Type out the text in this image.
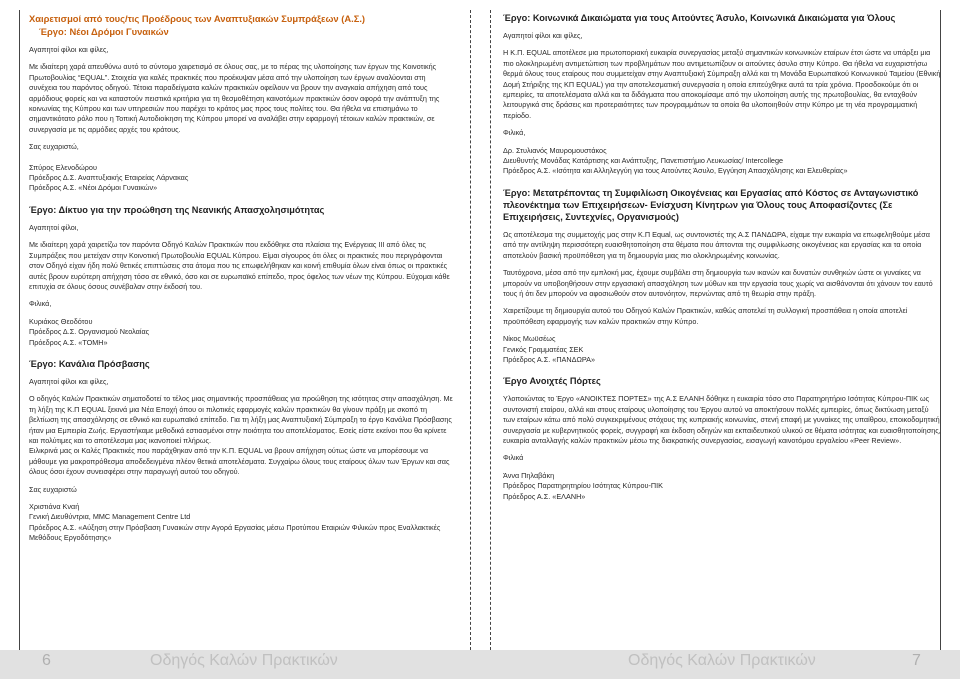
Χαιρετισμοί από τους/τις Προέδρους των Αναπτυξιακών Συμπράξεων (Α.Σ.)
Έργο: Νέοι Δρόμοι Γυναικών
Αγαπητοί φίλοι και φίλες,
Με ιδιαίτερη χαρά απευθύνω αυτό το σύντομο χαιρετισμό σε όλους σας, με το πέρας της υλοποίησης των έργων της Κοινοτικής Πρωτοβουλίας “EQUAL”. Στοιχεία για καλές πρακτικές που προέκυψαν μέσα από την υλοποίηση των έργων αναλύονται στη συνέχεια του παρόντος οδηγού. Τέτοια παραδείγματα καλών πρακτικών οφείλουν να βρουν την αναγκαία απήχηση από τους αρμόδιους φορείς και να καταστούν πειστικά κριτήρια για τη θεσμοθέτηση καινοτόμων πρακτικών όσον αφορά την ανάπτυξη της κοινωνίας της Κύπρου και των υπηρεσιών που παρέχει το κράτος μας προς τους πολίτες του. Θα ήθελα να επισημάνω το σημαντικότατο ρόλο που η Τοπική Αυτοδιοίκηση της Κύπρου μπορεί να αναλάβει στην εφαρμογή τέτοιων καλών πρακτικών, σε συνεργασία με τις αρμόδιες αρχές του κράτους.
Σας ευχαριστώ,
Σπύρος Ελενοδώρου
Πρόεδρος Δ.Σ. Αναπτυξιακής Εταιρείας Λάρνακας
Πρόεδρος Α.Σ. «Νέοι Δρόμοι Γυναικών»
Έργο: Δίκτυο για την προώθηση της Νεανικής Απασχολησιμότητας
Αγαπητοί φίλοι,
Με ιδιαίτερη χαρά χαιρετίζω τον παρόντα Οδηγό Καλών Πρακτικών που εκδόθηκε στα πλαίσια της Ενέργειας ΙΙΙ από όλες τις Συμπράξεις που μετείχαν στην Κοινοτική Πρωτοβουλία EQUAL Κύπρου. Είμαι σίγουρος ότι όλες οι πρακτικές που περιγράφονται στον Οδηγό είχαν ήδη πολύ θετικές επιπτώσεις στα άτομα που τις επωφελήθηκαν και κοινή επιθυμία όλων είναι όπως οι πρακτικές αυτές βρουν ευρύτερη απήχηση τόσο σε εθνικό, όσο και σε ευρωπαϊκό επίπεδο, προς όφελος των νέων της Κύπρου. Εύχομαι κάθε επιτυχία σε όλους όσους συνέβαλαν στην έκδοσή του.
Φιλικά,
Κυριάκος Θεοδότου
Πρόεδρος Δ.Σ. Οργανισμού Νεολαίας
Πρόεδρος Α.Σ. «ΤΟΜΗ»
Έργο: Κανάλια Πρόσβασης
Αγαπητοί φίλοι και φίλες,
Ο οδηγός Καλών Πρακτικών σηματοδοτεί το τέλος μιας σημαντικής προσπάθειας για προώθηση της ισότητας στην απασχόληση. Με τη λήξη της Κ.Π EQUAL ξεκινά μια Νέα Εποχή όπου οι πιλοτικές εφαρμογές καλών πρακτικών θα γίνουν πράξη με σκοπό τη βελτίωση της απασχόλησης σε εθνικό και ευρωπαϊκό επίπεδο. Για τη λήξη μας Αναπτυξιακή Σύμπραξη το έργο Κανάλια Πρόσβασης ήταν μια Εμπειρία Ζωής. Εργαστήκαμε μεθοδικά εστιασμένοι στην ποιότητα του αποτελέσματος. Εσείς είστε εκείνοι που θα κρίνετε και πολύτιμες και το αποτέλεσμα μας ικανοποιεί πλήρως.
Ειλικρινά μας οι Καλές Πρακτικές που παράχθηκαν από την Κ.Π. EQUAL να βρουν απήχηση ούτως ώστε να μπορέσουμε να μάθουμε για μακροπρόθεσμα αποδεδειγμένα πλέον θετικά αποτελέσματα. Συγχαίρω όλους τους εταίρους όλων των Έργων και σας όλους όσοι έχουν συνεισφέρει στην παραγωγή αυτού του οδηγού.
Σας ευχαριστώ
Χριστιάνα Κναή
Γενική Διευθύντρια, MMC Management Centre Ltd
Πρόεδρος Α.Σ. «Αύξηση στην Πρόσβαση Γυναικών στην Αγορά Εργασίας μέσω Προτύπου Εταιριών Φιλικών προς Εναλλακτικές Μεθόδους Εργοδότησης»
Έργο: Κοινωνικά Δικαιώματα για τους Αιτούντες Άσυλο, Κοινωνικά Δικαιώματα για Όλους
Αγαπητοί φίλοι και φίλες,
Η Κ.Π. EQUAL αποτέλεσε μια πρωτοποριακή ευκαιρία συνεργασίας μεταξύ σημαντικών κοινωνικών εταίρων έτσι ώστε να υπάρξει μια πιο ολοκληρωμένη αντιμετώπιση των προβλημάτων που αντιμετωπίζουν οι αιτούντες άσυλο στην Κύπρο. Θα ήθελα να ευχαριστήσω θερμά όλους τους εταίρους που συμμετείχαν στην Αναπτυξιακή Σύμπραξη αλλά και τη Μονάδα Ευρωπαϊκού Κοινωνικού Ταμείου (Εθνική Δομή Στήριξης της ΚΠ EQUAL) για την αποτελεσματική συνεργασία η οποία επιτεύχθηκε αυτά τα τρία χρόνια. Προσδοκούμε ότι οι εμπειρίες, τα αποτελέσματα αλλά και τα διδάγματα που αποκομίσαμε από την υλοποίηση αυτής της πρωτοβουλίας, θα ενταχθούν λειτουργικά στις δράσεις και προτεραιότητες των προγραμμάτων τα οποία θα υλοποιηθούν στην Κύπρο με τη νέα προγραμματική περίοδο.
Φιλικά,
Δρ. Στυλιανός Μαυρομουστάκος
Διευθυντής Μονάδας Κατάρτισης και Ανάπτυξης, Πανεπιστήμιο Λευκωσίας/ Intercollege
Πρόεδρος Α.Σ. «Ισότητα και Αλληλεγγύη για τους Αιτούντες Άσυλο, Εγγύηση Απασχόλησης και Ελευθερίας»
Έργο: Μετατρέποντας τη Συμφιλίωση Οικογένειας και Εργασίας από Κόστος σε Ανταγωνιστικό πλεονέκτημα των Επιχειρήσεων- Ενίσχυση Κίνητρων για Όλους τους Αποφασίζοντες (Σε Επιχειρήσεις, Συντεχνίες, Οργανισμούς)
Ως αποτέλεσμα της συμμετοχής μας στην Κ.Π Equal, ως συντονιστές της Α.Σ ΠΑΝΔΩΡΑ, είχαμε την ευκαιρία να επωφεληθούμε μέσα από την αντίληψη περισσότερη ευαισθητοποίηση στα θέματα που άπτονται της συμφιλίωσης οικογένειας και εργασίας και τα οποία αποτελούν βασική προϋπόθεση για τη δημιουργία μιας πιο ολοκληρωμένης κοινωνίας.
Ταυτόχρονα, μέσα από την εμπλοκή μας, έχουμε συμβάλει στη δημιουργία των ικανών και δυνατών συνθηκών ώστε οι γυναίκες να μπορούν να υποβοηθήσουν στην εργασιακή απασχόληση των μύθων και την εργασία τους χωρίς να αισθάνονται ότι χάνουν τον εαυτό τους ή ότι δεν μπορούν να αφοσιωθούν στον αυτονόητον, περνώντας από τη θεωρία στην πράξη.
Χαιρετίζουμε τη δημιουργία αυτού του Οδηγού Καλών Πρακτικών, καθώς αποτελεί τη συλλογική προσπάθεια η οποία αποτελεί προϋπόθεση εφαρμογής των καλών πρακτικών στην Κύπρο.
Νίκος Μωϋσέως
Γενικός Γραμματέας ΣΕΚ
Πρόεδρος Α.Σ. «ΠΑΝΔΩΡΑ»
Έργο Ανοιχτές Πόρτες
Υλοποιώντας το Έργο «ΑΝΟΙΚΤΕΣ ΠΟΡΤΕΣ» της Α.Σ ΕΛΑΝΗ δόθηκε η ευκαιρία τόσο στο Παρατηρητήριο Ισότητας Κύπρου-ΠΙΚ ως συντονιστή εταίρου, αλλά και στους εταίρους υλοποίησης του Έργου αυτού να αποκτήσουν πολλές εμπειρίες, όπως δικτύωση μεταξύ των εταίρων κάτω από πολύ συγκεκριμένους στόχους της κυπριακής κοινωνίας, στενή επαφή με γυναίκες της υπαίθρου, εποικοδομητική συνεργασία με κυβερνητικούς φορείς, συγγραφή και έκδοση οδηγών και εκπαιδευτικού υλικού σε θέματα ισότητας και ευαισθητοποίησης, ευκαιρία ανταλλαγής καλών πρακτικών μέσω της διακρατικής συνεργασίας, εισαγωγή καινοτόμου εργαλείου «Peer Review».
Φιλικά
Άννα Πηλαβάκη
Πρόεδρος Παρατηρητηρίου Ισότητας Κύπρου-ΠΙΚ
Πρόεδρος Α.Σ. «ΕΛΑΝΗ»
6	Οδηγός Καλών Πρακτικών	Οδηγός Καλών Πρακτικών	7
